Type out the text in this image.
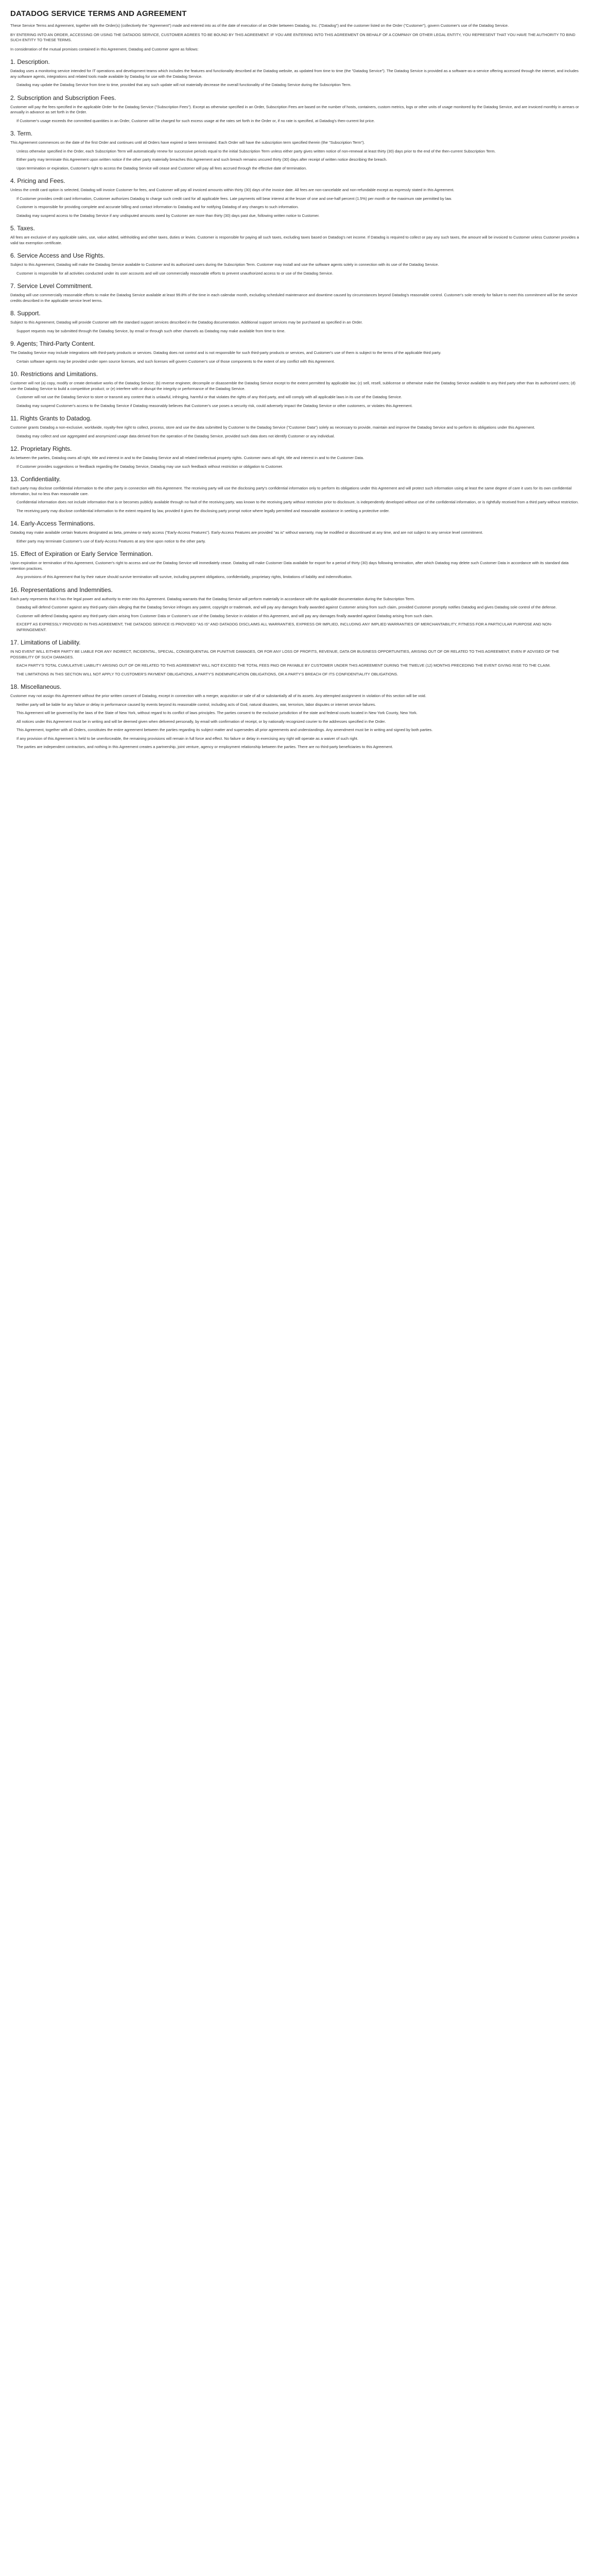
DATADOG SERVICE TERMS AND AGREEMENT

These Service Terms and Agreement, together with the Order(s) (collectively the "Agreement") made and entered into as of the date of execution of an Order between Datadog, Inc. ("Datadog") and the customer listed on the Order ("Customer"), govern Customer's use of the Datadog Service.

BY ENTERING INTO AN ORDER, ACCESSING OR USING THE DATADOG SERVICE, CUSTOMER AGREES TO BE BOUND BY THIS AGREEMENT. IF YOU ARE ENTERING INTO THIS AGREEMENT ON BEHALF OF A COMPANY OR OTHER LEGAL ENTITY, YOU REPRESENT THAT YOU HAVE THE AUTHORITY TO BIND SUCH ENTITY TO THESE TERMS.

In consideration of the mutual promises contained in this Agreement, Datadog and Customer agree as follows:

1. Description.

Datadog uses a monitoring service intended for IT operations and development teams which includes the features and functionality described at the Datadog website, as updated from time to time (the "Datadog Service"). The Datadog Service is provided as a software-as-a-service offering accessed through the internet, and includes any software agents, integrations and related tools made available by Datadog for use with the Datadog Service.

Datadog may update the Datadog Service from time to time, provided that any such update will not materially decrease the overall functionality of the Datadog Service during the Subscription Term.

2. Subscription and Subscription Fees.

Customer will pay the fees specified in the applicable Order for the Datadog Service ("Subscription Fees"). Except as otherwise specified in an Order, Subscription Fees are based on the number of hosts, containers, custom metrics, logs or other units of usage monitored by the Datadog Service, and are invoiced monthly in arrears or annually in advance as set forth in the Order.

If Customer's usage exceeds the committed quantities in an Order, Customer will be charged for such excess usage at the rates set forth in the Order or, if no rate is specified, at Datadog's then-current list price.

3. Term.

This Agreement commences on the date of the first Order and continues until all Orders have expired or been terminated. Each Order will have the subscription term specified therein (the "Subscription Term").

Unless otherwise specified in the Order, each Subscription Term will automatically renew for successive periods equal to the initial Subscription Term unless either party gives written notice of non-renewal at least thirty (30) days prior to the end of the then-current Subscription Term.

Either party may terminate this Agreement upon written notice if the other party materially breaches this Agreement and such breach remains uncured thirty (30) days after receipt of written notice describing the breach.

Upon termination or expiration, Customer's right to access the Datadog Service will cease and Customer will pay all fees accrued through the effective date of termination.

4. Pricing and Fees.

Unless the credit card option is selected, Datadog will invoice Customer for fees, and Customer will pay all invoiced amounts within thirty (30) days of the invoice date. All fees are non-cancelable and non-refundable except as expressly stated in this Agreement.

If Customer provides credit card information, Customer authorizes Datadog to charge such credit card for all applicable fees. Late payments will bear interest at the lesser of one and one-half percent (1.5%) per month or the maximum rate permitted by law.

Customer is responsible for providing complete and accurate billing and contact information to Datadog and for notifying Datadog of any changes to such information.

Datadog may suspend access to the Datadog Service if any undisputed amounts owed by Customer are more than thirty (30) days past due, following written notice to Customer.

5. Taxes.

All fees are exclusive of any applicable sales, use, value added, withholding and other taxes, duties or levies. Customer is responsible for paying all such taxes, excluding taxes based on Datadog's net income. If Datadog is required to collect or pay any such taxes, the amount will be invoiced to Customer unless Customer provides a valid tax exemption certificate.

6. Service Access and Use Rights.

Subject to this Agreement, Datadog will make the Datadog Service available to Customer and its authorized users during the Subscription Term. Customer may install and use the software agents solely in connection with its use of the Datadog Service.

Customer is responsible for all activities conducted under its user accounts and will use commercially reasonable efforts to prevent unauthorized access to or use of the Datadog Service.

7. Service Level Commitment.

Datadog will use commercially reasonable efforts to make the Datadog Service available at least 99.8% of the time in each calendar month, excluding scheduled maintenance and downtime caused by circumstances beyond Datadog's reasonable control. Customer's sole remedy for failure to meet this commitment will be the service credits described in the applicable service level terms.

8. Support.

Subject to this Agreement, Datadog will provide Customer with the standard support services described in the Datadog documentation. Additional support services may be purchased as specified in an Order.

Support requests may be submitted through the Datadog Service, by email or through such other channels as Datadog may make available from time to time.

9. Agents; Third-Party Content.

The Datadog Service may include integrations with third-party products or services. Datadog does not control and is not responsible for such third-party products or services, and Customer's use of them is subject to the terms of the applicable third party.

Certain software agents may be provided under open source licenses, and such licenses will govern Customer's use of those components to the extent of any conflict with this Agreement.

10. Restrictions and Limitations.

Customer will not (a) copy, modify or create derivative works of the Datadog Service; (b) reverse engineer, decompile or disassemble the Datadog Service except to the extent permitted by applicable law; (c) sell, resell, sublicense or otherwise make the Datadog Service available to any third party other than its authorized users; (d) use the Datadog Service to build a competitive product; or (e) interfere with or disrupt the integrity or performance of the Datadog Service.

Customer will not use the Datadog Service to store or transmit any content that is unlawful, infringing, harmful or that violates the rights of any third party, and will comply with all applicable laws in its use of the Datadog Service.

Datadog may suspend Customer's access to the Datadog Service if Datadog reasonably believes that Customer's use poses a security risk, could adversely impact the Datadog Service or other customers, or violates this Agreement.

11. Rights Grants to Datadog.

Customer grants Datadog a non-exclusive, worldwide, royalty-free right to collect, process, store and use the data submitted by Customer to the Datadog Service ("Customer Data") solely as necessary to provide, maintain and improve the Datadog Service and to perform its obligations under this Agreement.

Datadog may collect and use aggregated and anonymized usage data derived from the operation of the Datadog Service, provided such data does not identify Customer or any individual.

12. Proprietary Rights.

As between the parties, Datadog owns all right, title and interest in and to the Datadog Service and all related intellectual property rights. Customer owns all right, title and interest in and to the Customer Data.

If Customer provides suggestions or feedback regarding the Datadog Service, Datadog may use such feedback without restriction or obligation to Customer.

13. Confidentiality.

Each party may disclose confidential information to the other party in connection with this Agreement. The receiving party will use the disclosing party's confidential information only to perform its obligations under this Agreement and will protect such information using at least the same degree of care it uses for its own confidential information, but no less than reasonable care.

Confidential information does not include information that is or becomes publicly available through no fault of the receiving party, was known to the receiving party without restriction prior to disclosure, is independently developed without use of the confidential information, or is rightfully received from a third party without restriction.

The receiving party may disclose confidential information to the extent required by law, provided it gives the disclosing party prompt notice where legally permitted and reasonable assistance in seeking a protective order.

14. Early-Access Terminations.

Datadog may make available certain features designated as beta, preview or early access ("Early-Access Features"). Early-Access Features are provided "as is" without warranty, may be modified or discontinued at any time, and are not subject to any service level commitment.

Either party may terminate Customer's use of Early-Access Features at any time upon notice to the other party.

15. Effect of Expiration or Early Service Termination.

Upon expiration or termination of this Agreement, Customer's right to access and use the Datadog Service will immediately cease. Datadog will make Customer Data available for export for a period of thirty (30) days following termination, after which Datadog may delete such Customer Data in accordance with its standard data retention practices.

Any provisions of this Agreement that by their nature should survive termination will survive, including payment obligations, confidentiality, proprietary rights, limitations of liability and indemnification.

16. Representations and Indemnities.

Each party represents that it has the legal power and authority to enter into this Agreement. Datadog warrants that the Datadog Service will perform materially in accordance with the applicable documentation during the Subscription Term.

Datadog will defend Customer against any third-party claim alleging that the Datadog Service infringes any patent, copyright or trademark, and will pay any damages finally awarded against Customer arising from such claim, provided Customer promptly notifies Datadog and gives Datadog sole control of the defense.

Customer will defend Datadog against any third-party claim arising from Customer Data or Customer's use of the Datadog Service in violation of this Agreement, and will pay any damages finally awarded against Datadog arising from such claim.

EXCEPT AS EXPRESSLY PROVIDED IN THIS AGREEMENT, THE DATADOG SERVICE IS PROVIDED "AS IS" AND DATADOG DISCLAIMS ALL WARRANTIES, EXPRESS OR IMPLIED, INCLUDING ANY IMPLIED WARRANTIES OF MERCHANTABILITY, FITNESS FOR A PARTICULAR PURPOSE AND NON-INFRINGEMENT.

17. Limitations of Liability.

IN NO EVENT WILL EITHER PARTY BE LIABLE FOR ANY INDIRECT, INCIDENTAL, SPECIAL, CONSEQUENTIAL OR PUNITIVE DAMAGES, OR FOR ANY LOSS OF PROFITS, REVENUE, DATA OR BUSINESS OPPORTUNITIES, ARISING OUT OF OR RELATED TO THIS AGREEMENT, EVEN IF ADVISED OF THE POSSIBILITY OF SUCH DAMAGES.

EACH PARTY'S TOTAL CUMULATIVE LIABILITY ARISING OUT OF OR RELATED TO THIS AGREEMENT WILL NOT EXCEED THE TOTAL FEES PAID OR PAYABLE BY CUSTOMER UNDER THIS AGREEMENT DURING THE TWELVE (12) MONTHS PRECEDING THE EVENT GIVING RISE TO THE CLAIM.

THE LIMITATIONS IN THIS SECTION WILL NOT APPLY TO CUSTOMER'S PAYMENT OBLIGATIONS, A PARTY'S INDEMNIFICATION OBLIGATIONS, OR A PARTY'S BREACH OF ITS CONFIDENTIALITY OBLIGATIONS.

18. Miscellaneous.

Customer may not assign this Agreement without the prior written consent of Datadog, except in connection with a merger, acquisition or sale of all or substantially all of its assets. Any attempted assignment in violation of this section will be void.

Neither party will be liable for any failure or delay in performance caused by events beyond its reasonable control, including acts of God, natural disasters, war, terrorism, labor disputes or internet service failures.

This Agreement will be governed by the laws of the State of New York, without regard to its conflict of laws principles. The parties consent to the exclusive jurisdiction of the state and federal courts located in New York County, New York.

All notices under this Agreement must be in writing and will be deemed given when delivered personally, by email with confirmation of receipt, or by nationally recognized courier to the addresses specified in the Order.

This Agreement, together with all Orders, constitutes the entire agreement between the parties regarding its subject matter and supersedes all prior agreements and understandings. Any amendment must be in writing and signed by both parties.

If any provision of this Agreement is held to be unenforceable, the remaining provisions will remain in full force and effect. No failure or delay in exercising any right will operate as a waiver of such right.

The parties are independent contractors, and nothing in this Agreement creates a partnership, joint venture, agency or employment relationship between the parties. There are no third-party beneficiaries to this Agreement.
